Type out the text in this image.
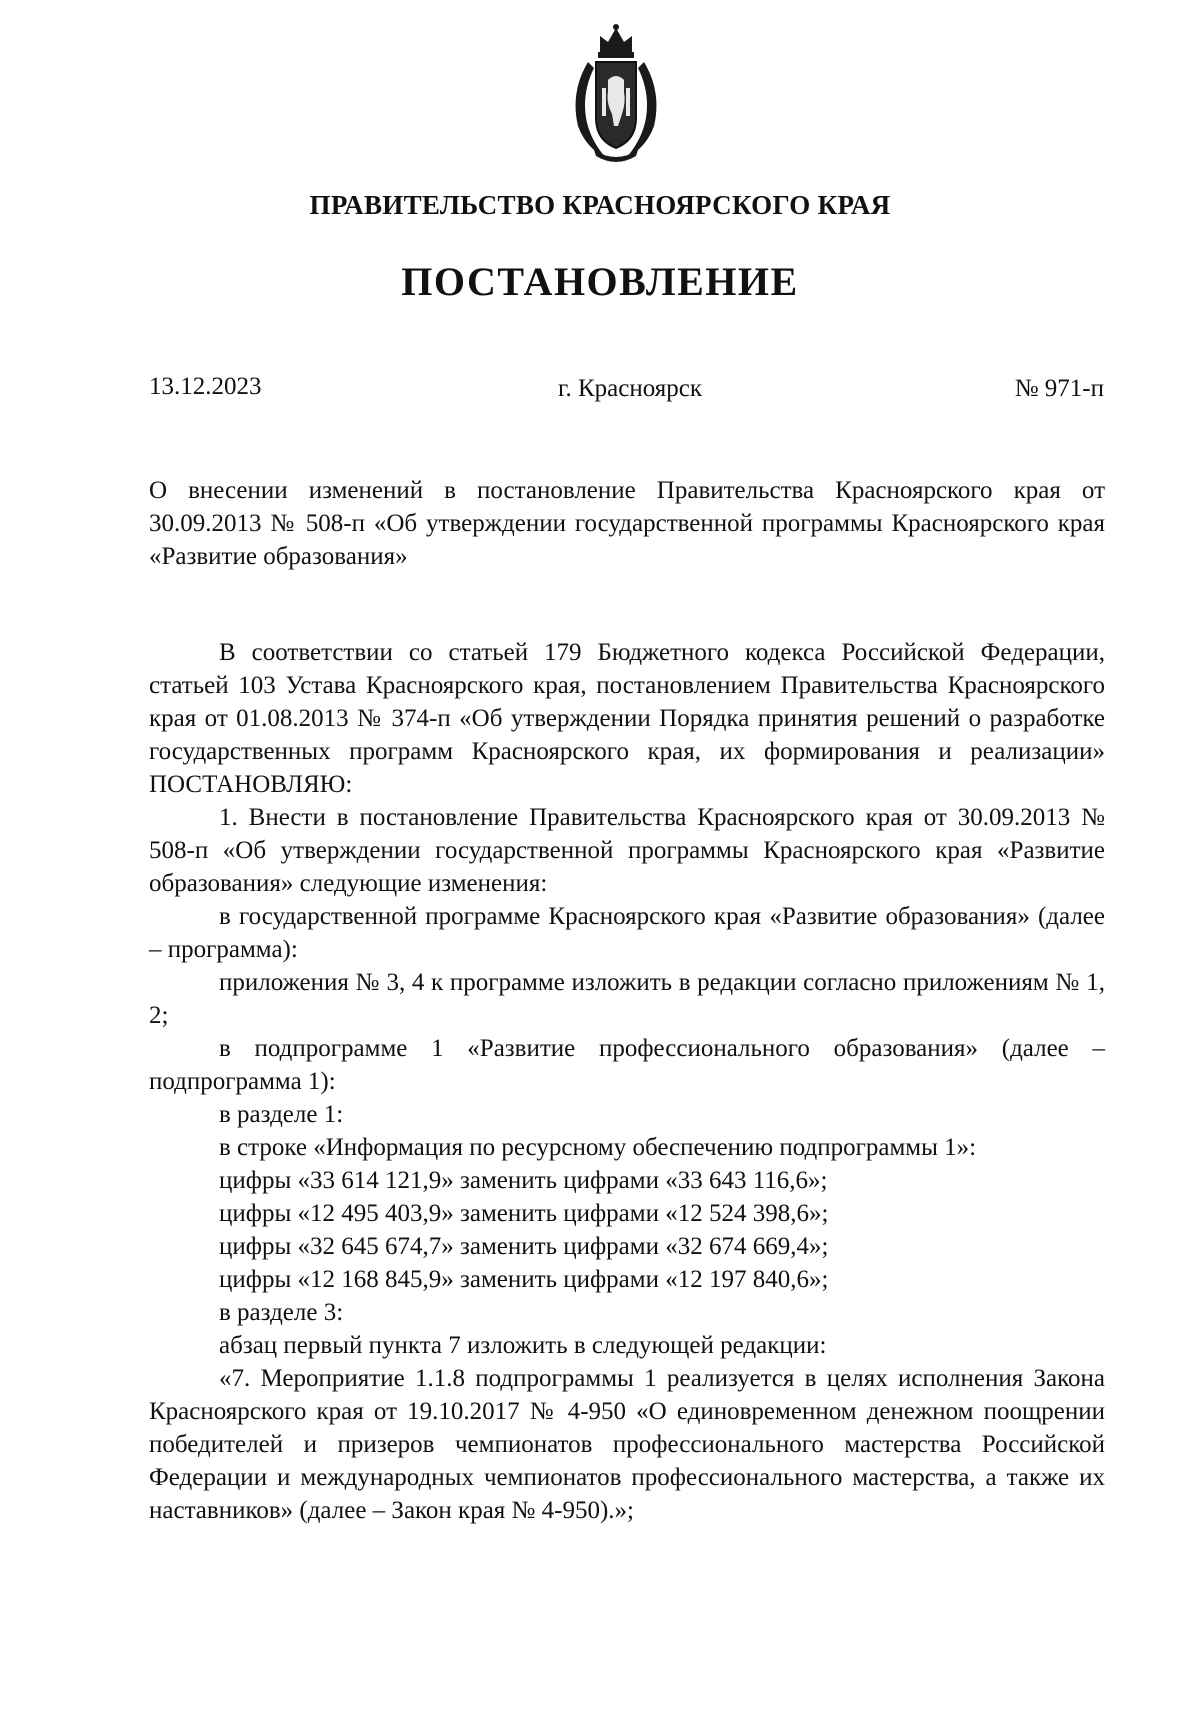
ПРАВИТЕЛЬСТВО КРАСНОЯРСКОГО КРАЯ
ПОСТАНОВЛЕНИЕ
13.12.2023	г. Красноярск	№ 971-п
О внесении изменений в постановление Правительства Красноярского края от 30.09.2013 № 508-п «Об утверждении государственной программы Красноярского края «Развитие образования»

В соответствии со статьей 179 Бюджетного кодекса Российской Федерации, статьей 103 Устава Красноярского края, постановлением Правительства Красноярского края от 01.08.2013 № 374-п «Об утверждении Порядка принятия решений о разработке государственных программ Красноярского края, их формирования и реализации» ПОСТАНОВЛЯЮ:

1. Внести в постановление Правительства Красноярского края от 30.09.2013 № 508-п «Об утверждении государственной программы Красноярского края «Развитие образования» следующие изменения:

в государственной программе Красноярского края «Развитие образования» (далее – программа):

приложения № 3, 4 к программе изложить в редакции согласно приложениям № 1, 2;

в подпрограмме 1 «Развитие профессионального образования» (далее – подпрограмма 1):

в разделе 1:

в строке «Информация по ресурсному обеспечению подпрограммы 1»:

цифры «33 614 121,9» заменить цифрами «33 643 116,6»;

цифры «12 495 403,9» заменить цифрами «12 524 398,6»;

цифры «32 645 674,7» заменить цифрами «32 674 669,4»;

цифры «12 168 845,9» заменить цифрами «12 197 840,6»;

в разделе 3:

абзац первый пункта 7 изложить в следующей редакции:

«7. Мероприятие 1.1.8 подпрограммы 1 реализуется в целях исполнения Закона Красноярского края от 19.10.2017 № 4-950 «О единовременном денежном поощрении победителей и призеров чемпионатов профессионального мастерства Российской Федерации и международных чемпионатов профессионального мастерства, а также их наставников» (далее – Закон края № 4-950).»;
